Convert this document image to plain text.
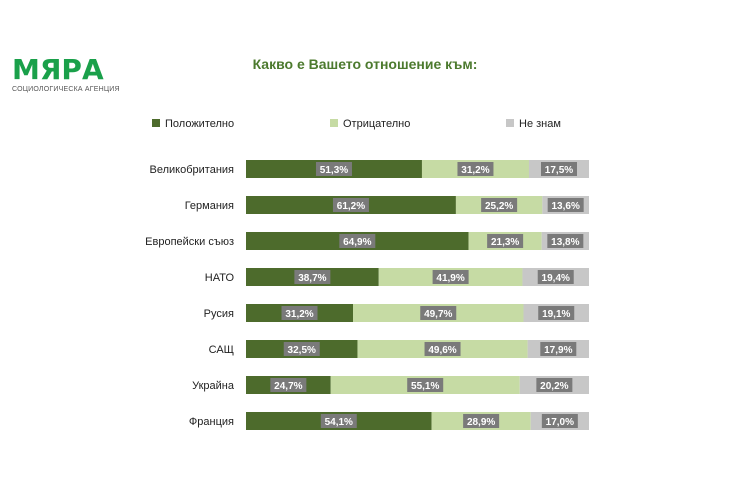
МЯРА
СОЦИОЛОГИЧЕСКА АГЕНЦИЯ
Какво е Вашето отношение към:
Положително	Отрицателно	Не знам
Великобритания	51,3%	31,2%	17,5%
Германия	61,2%	25,2%	13,6%
Европейски съюз	64,9%	21,3%	13,8%
НАТО	38,7%	41,9%	19,4%
Русия	31,2%	49,7%	19,1%
САЩ	32,5%	49,6%	17,9%
Украйна	24,7%	55,1%	20,2%
Франция	54,1%	28,9%	17,0%
